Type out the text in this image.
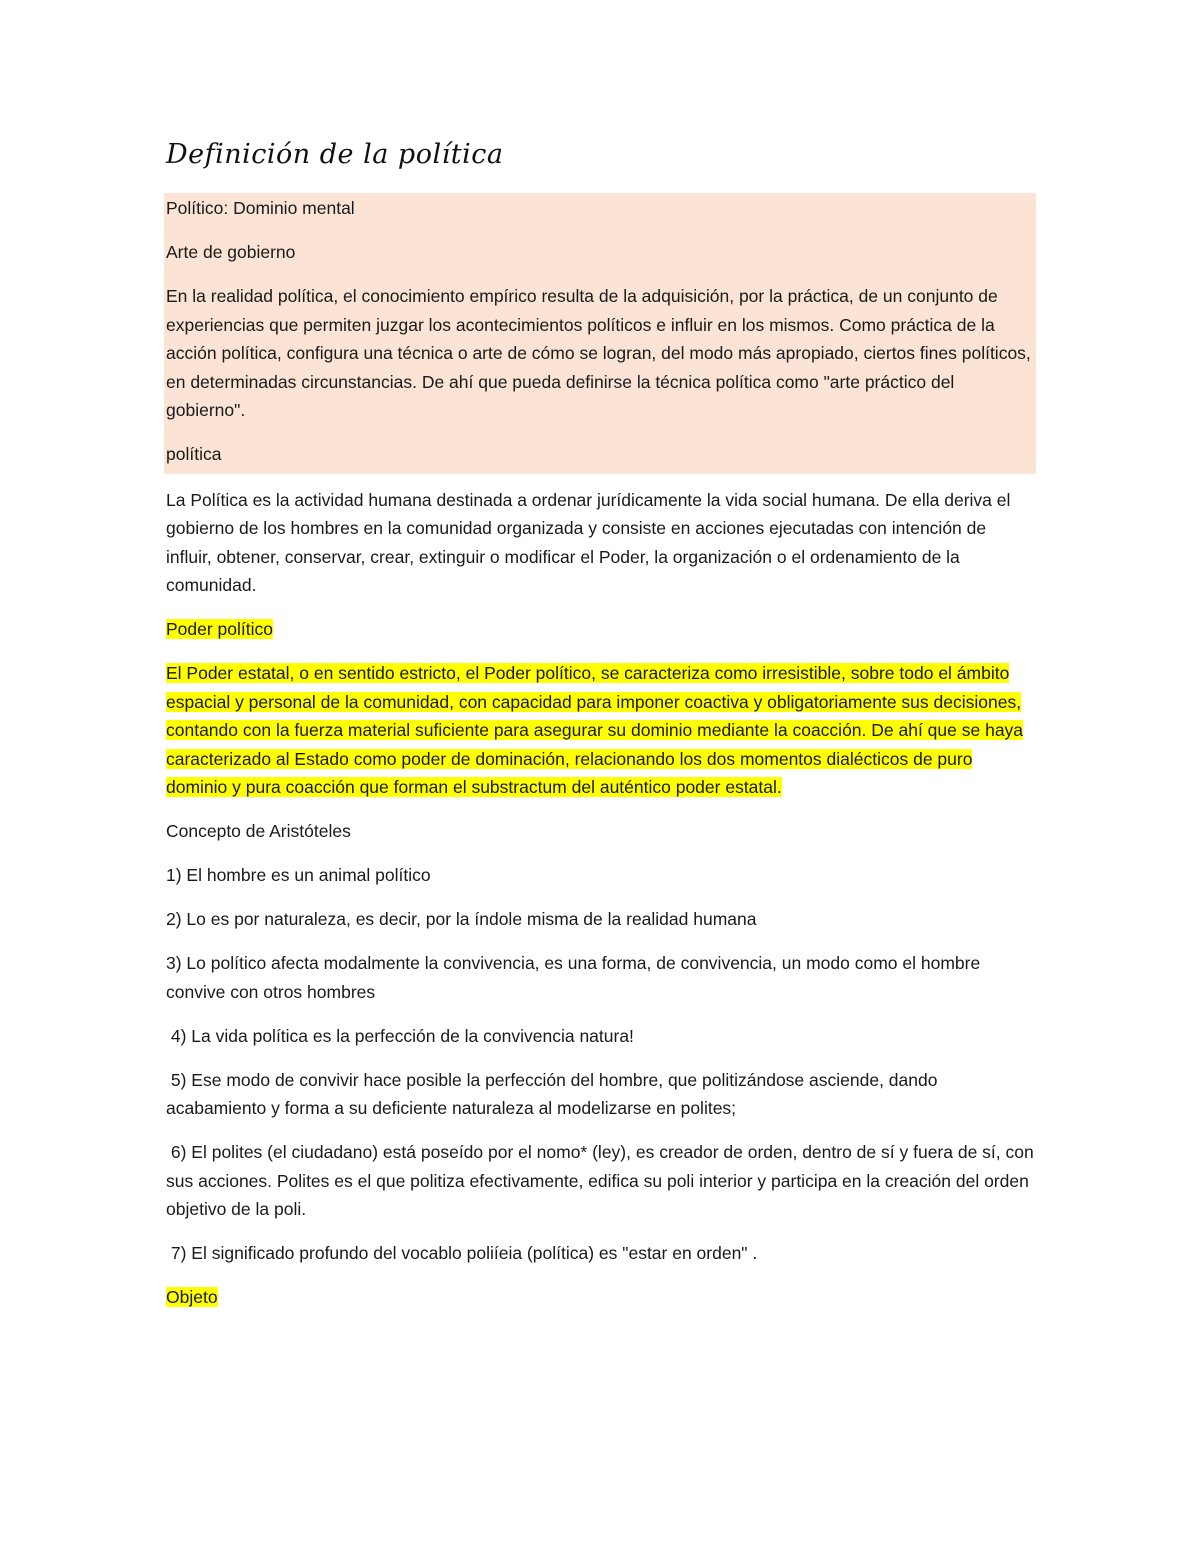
Definición de la política

Político: Dominio mental

Arte de gobierno

En la realidad política, el conocimiento empírico resulta de la adquisición, por la práctica, de un conjunto de experiencias que permiten juzgar los acontecimientos políticos e influir en los mismos. Como práctica de la acción política, configura una técnica o arte de cómo se logran, del modo más apropiado, ciertos fines políticos, en determinadas circunstancias. De ahí que pueda definirse la técnica política como "arte práctico del gobierno".

política

La Política es la actividad humana destinada a ordenar jurídicamente la vida social humana. De ella deriva el gobierno de los hombres en la comunidad organizada y consiste en acciones ejecutadas con intención de influir, obtener, conservar, crear, extinguir o modificar el Poder, la organización o el ordenamiento de la comunidad.

Poder político

El Poder estatal, o en sentido estricto, el Poder político, se caracteriza como irresistible, sobre todo el ámbito espacial y personal de la comunidad, con capacidad para imponer coactiva y obligatoriamente sus decisiones, contando con la fuerza material suficiente para asegurar su dominio mediante la coacción. De ahí que se haya caracterizado al Estado como poder de dominación, relacionando los dos momentos dialécticos de puro dominio y pura coacción que forman el substractum del auténtico poder estatal.

Concepto de Aristóteles

1) El hombre es un animal político

2) Lo es por naturaleza, es decir, por la índole misma de la realidad humana

3) Lo político afecta modalmente la convivencia, es una forma, de convivencia, un modo como el hombre convive con otros hombres

4) La vida política es la perfección de la convivencia natura!

5) Ese modo de convivir hace posible la perfección del hombre, que politizándose asciende, dando acabamiento y forma a su deficiente naturaleza al modelizarse en polites;

6) El polites (el ciudadano) está poseído por el nomo* (ley), es creador de orden, dentro de sí y fuera de sí, con sus acciones. Polites es el que politiza efectivamente, edifica su poli interior y participa en la creación del orden objetivo de la poli.

7) El significado profundo del vocablo poliíeia (política) es "estar en orden" .

Objeto
